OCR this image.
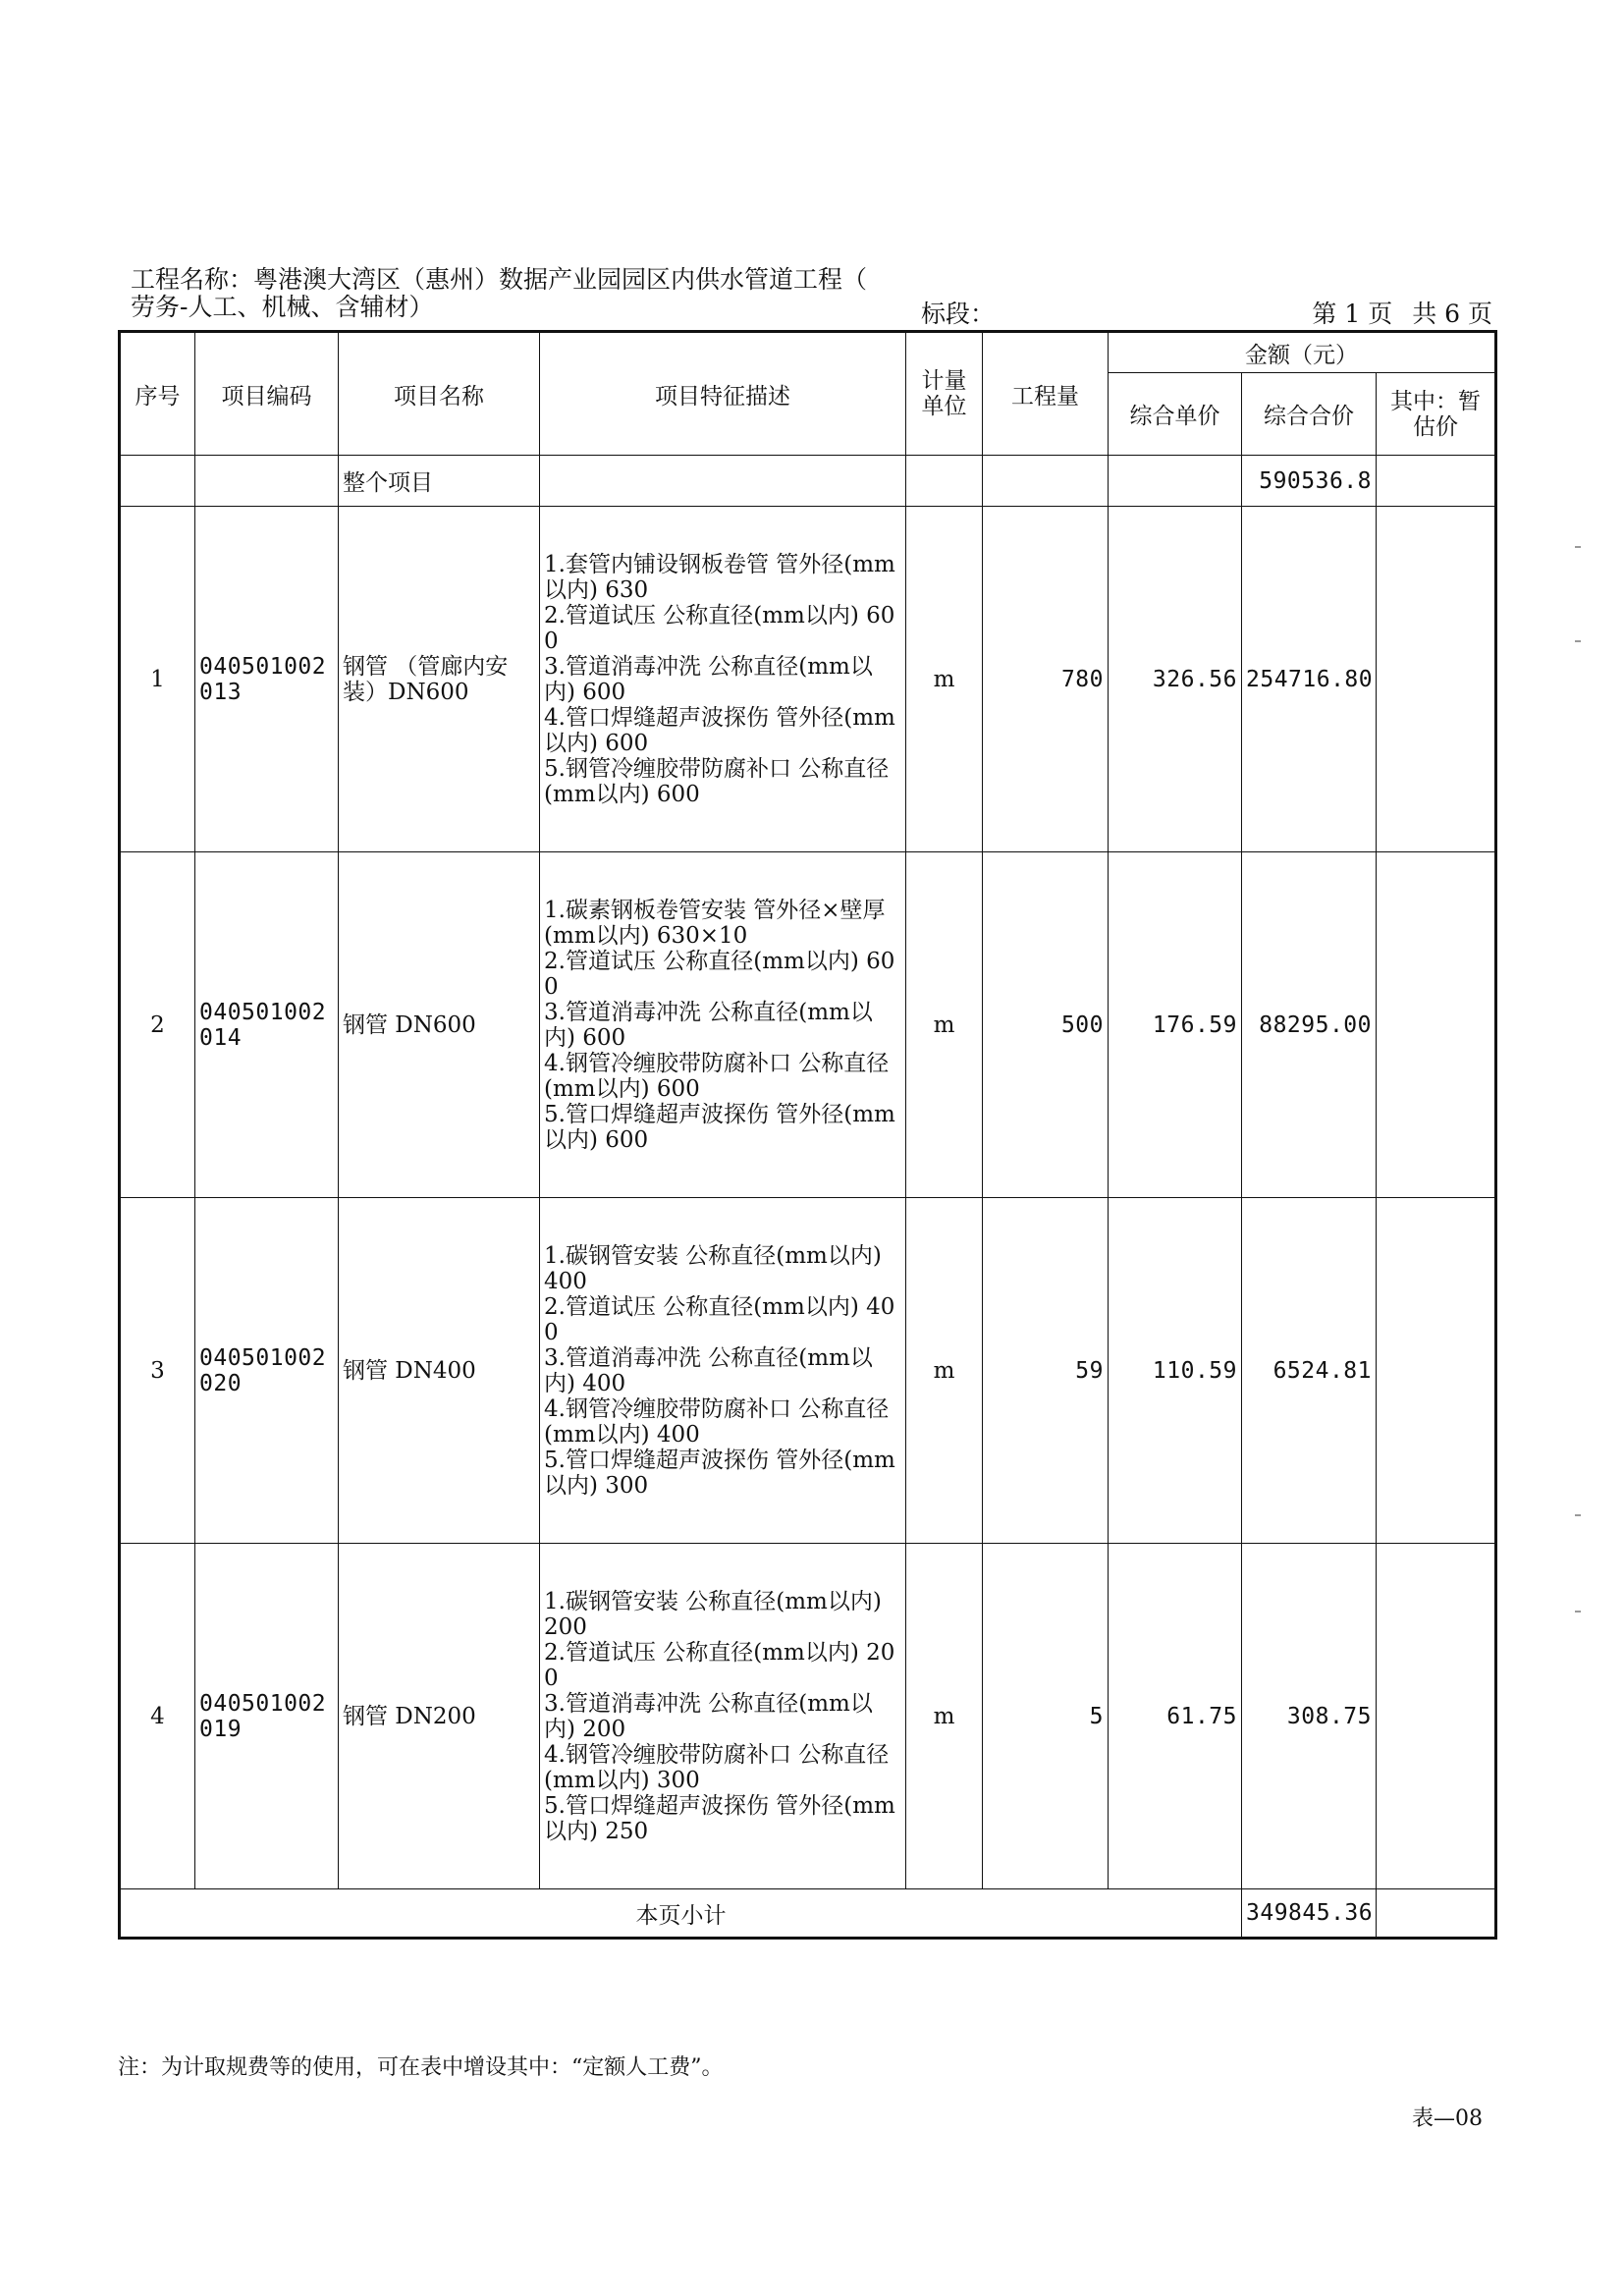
工程名称：粤港澳大湾区（惠州）数据产业园园区内供水管道工程（
劳务-人工、机械、含辅材）	标段：	第 1 页 共 6 页
序号	项目编码	项目名称	项目特征描述	计量单位	工程量	金额（元）		
						综合单价	综合合价	其中：暂估价
		整个项目					590536.8	
1	040501002013	钢管 （管廊内安装）DN600	1.套管内铺设钢板卷管 管外径(mm以内) 630
2.管道试压 公称直径(mm以内) 600
3.管道消毒冲洗 公称直径(mm以内) 600
4.管口焊缝超声波探伤 管外径(mm以内) 600
5.钢管冷缠胶带防腐补口 公称直径(mm以内) 600	m	780	326.56	254716.80	
2	040501002014	钢管 DN600	1.碳素钢板卷管安装 管外径×壁厚(mm以内) 630×10
2.管道试压 公称直径(mm以内) 600
3.管道消毒冲洗 公称直径(mm以内) 600
4.钢管冷缠胶带防腐补口 公称直径(mm以内) 600
5.管口焊缝超声波探伤 管外径(mm以内) 600	m	500	176.59	88295.00	
3	040501002020	钢管 DN400	1.碳钢管安装 公称直径(mm以内) 400
2.管道试压 公称直径(mm以内) 400
3.管道消毒冲洗 公称直径(mm以内) 400
4.钢管冷缠胶带防腐补口 公称直径(mm以内) 400
5.管口焊缝超声波探伤 管外径(mm以内) 300	m	59	110.59	6524.81	
4	040501002019	钢管 DN200	1.碳钢管安装 公称直径(mm以内) 200
2.管道试压 公称直径(mm以内) 200
3.管道消毒冲洗 公称直径(mm以内) 200
4.钢管冷缠胶带防腐补口 公称直径(mm以内) 300
5.管口焊缝超声波探伤 管外径(mm以内) 250	m	5	61.75	308.75	
本页小计							349845.36	
注：为计取规费等的使用，可在表中增设其中：“定额人工费”。
表—08
